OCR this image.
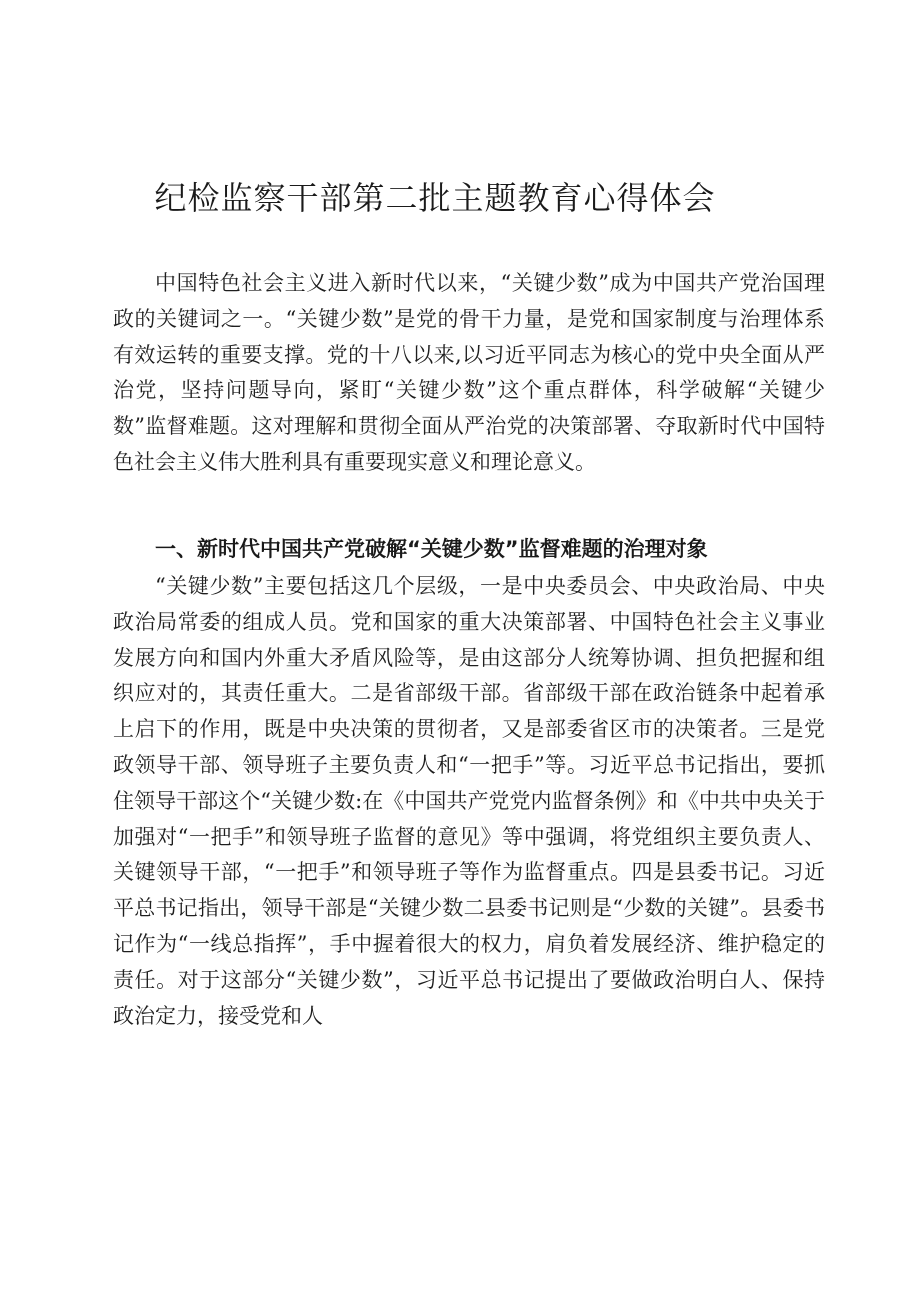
纪检监察干部第二批主题教育心得体会

中国特色社会主义进入新时代以来，“关键少数”成为中国共产党治国理政的关键词之一。“关键少数”是党的骨干力量，是党和国家制度与治理体系有效运转的重要支撑。党的十八以来,以习近平同志为核心的党中央全面从严治党，坚持问题导向，紧盯“关键少数”这个重点群体，科学破解“关键少数”监督难题。这对理解和贯彻全面从严治党的决策部署、夺取新时代中国特色社会主义伟大胜利具有重要现实意义和理论意义。

一、新时代中国共产党破解“关键少数”监督难题的治理对象

“关键少数”主要包括这几个层级，一是中央委员会、中央政治局、中央政治局常委的组成人员。党和国家的重大决策部署、中国特色社会主义事业发展方向和国内外重大矛盾风险等，是由这部分人统筹协调、担负把握和组织应对的，其责任重大。二是省部级干部。省部级干部在政治链条中起着承上启下的作用，既是中央决策的贯彻者，又是部委省区市的决策者。三是党政领导干部、领导班子主要负责人和“一把手”等。习近平总书记指出，要抓住领导干部这个“关键少数:在《中国共产党党内监督条例》和《中共中央关于加强对“一把手”和领导班子监督的意见》等中强调，将党组织主要负责人、关键领导干部，“一把手”和领导班子等作为监督重点。四是县委书记。习近平总书记指出，领导干部是“关键少数二县委书记则是“少数的关键”。县委书记作为“一线总指挥”，手中握着很大的权力，肩负着发展经济、维护稳定的责任。对于这部分“关键少数”，习近平总书记提出了要做政治明白人、保持政治定力，接受党和人
